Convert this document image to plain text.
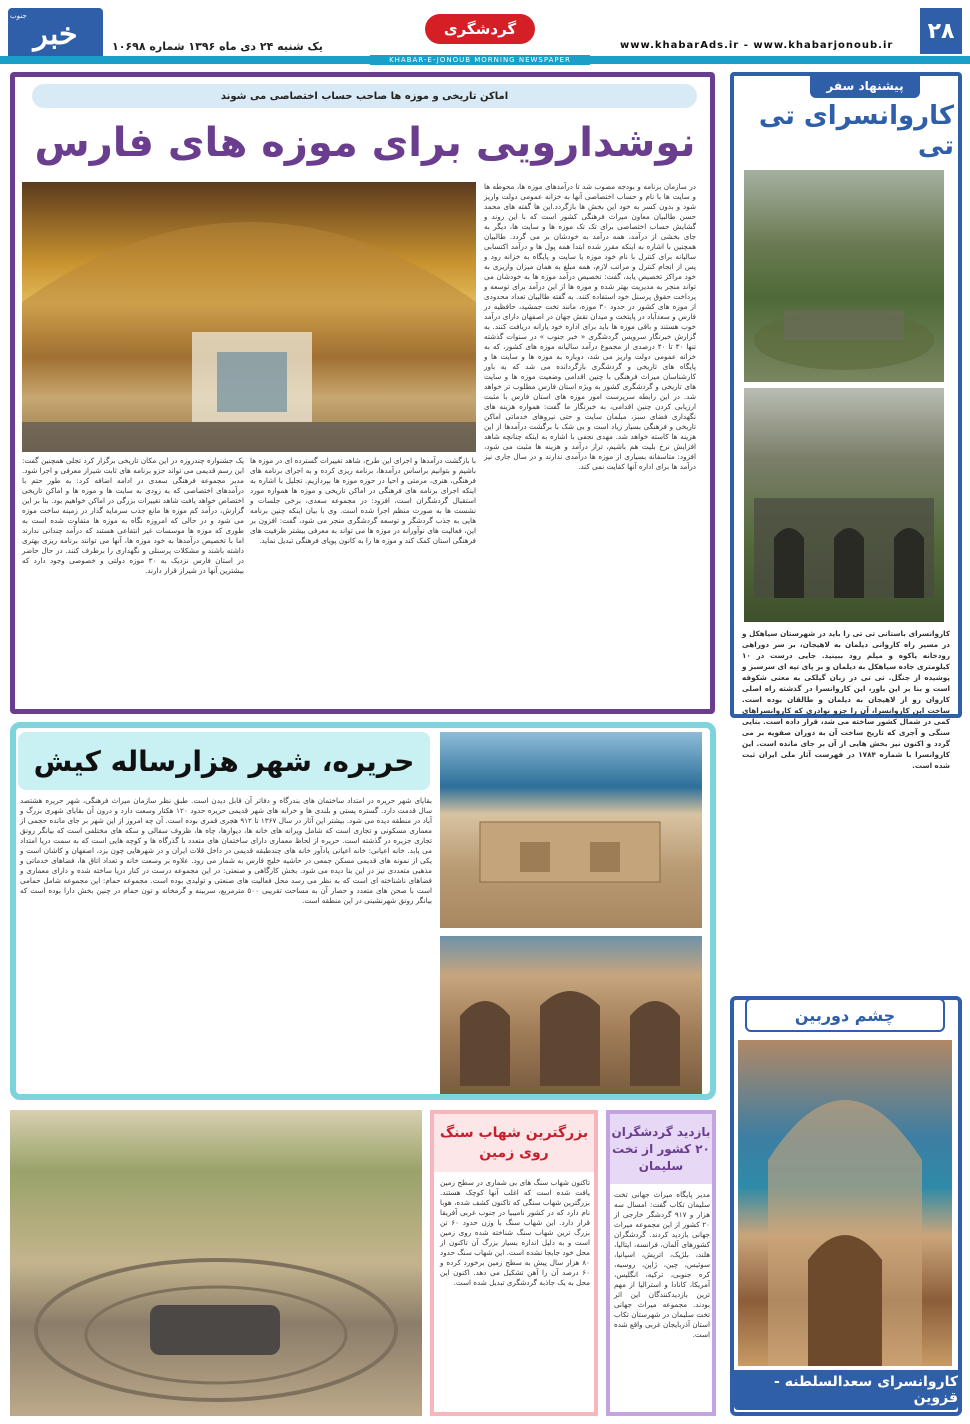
خبر
جنوب
یک شنبه ۲۴ دی ماه ۱۳۹۶ شماره ۱۰۶۹۸
گردشگری
www.khabarAds.ir - www.khabarjonoub.ir
۲۸
KHABAR-E-JONOUB MORNING NEWSPAPER
اماکن تاریخی و موزه ها صاحب حساب اختصاصی می شوند
نوشدارویی برای موزه های فارس
در سازمان برنامه و بودجه مصوب شد تا درآمدهای موزه ها، محوطه ها و سایت ها با نام و حساب اختصاصی آنها به خزانه عمومی دولت واریز شود و بدون کسر به خود این بخش ها بازگردد.این ها گفته های محمد حسن طالبیان معاون میراث فرهنگی کشور است که با این روند و گشایش حساب اختصاصی برای تک تک موزه ها و سایت ها، دیگر به جای بخشی از درآمد، همه درآمد به خودشان بر می گردد. طالبیان همچنین با اشاره به اینکه مقرر شده ابتدا همه پول ها و درآمد اکتسابی سالیانه برای کنترل با نام خود موزه یا سایت و پایگاه به خزانه رود و پس از انجام کنترل و مراتب لازم، همه مبلغ به همان میزان واریزی به خود مراکز تخصیص یابد، گفت: تخصیص درآمد موزه ها به خودشان می تواند منجر به مدیریت بهتر شده و موزه ها از این درآمد برای توسعه و پرداخت حقوق پرسنل خود استفاده کنند. به گفته طالبیان تعداد محدودی از موزه های کشور در حدود ۳۰ موزه، مانند تخت جمشید، حافظیه در فارس و سعدآباد در پایتخت و میدان نقش جهان در اصفهان دارای درآمد خوب هستند و باقی موزه ها باید برای اداره خود یارانه دریافت کنند. به گزارش خبرنگار سرویس گردشگری « خبر جنوب » در سنوات گذشته تنها ۳۰ تا ۴۰ درصدی از مجموع درآمد سالیانه موزه های کشور، که به خزانه عمومی دولت واریز می شد، دوباره به موزه ها و سایت ها و پایگاه های تاریخی و گردشگری بازگردانده می شد که به باور کارشناسان میراث فرهنگی با چنین اقدامی وضعیت موزه ها و سایت های تاریخی و گردشگری کشور به ویژه استان فارس مطلوب تر خواهد شد. در این رابطه سرپرست امور موزه های استان فارس با مثبت ارزیابی کردن چنین اقدامی، به خبرنگار ما گفت: همواره هزینه های نگهداری فضای سبز، مبلمان سایت و حتی نیروهای خدماتی اماکن تاریخی و فرهنگی بسیار زیاد است و بی شک با برگشت درآمدها از این هزینه ها کاسته خواهد شد. مهدی نجفی با اشاره به اینکه چنانچه شاهد افزایش نرخ بلیت هم باشیم، تراز درآمد و هزینه ها مثبت می شود، افزود: متاسفانه بسیاری از موزه ها درآمدی ندارند و در سال جاری نیز درآمد ها برای اداره آنها کفایت نمی کند.
با بازگشت درآمدها و اجرای این طرح، شاهد تغییرات گسترده ای در موزه ها باشیم و بتوانیم براساس درآمدها، برنامه ریزی کرده و به اجرای برنامه های فرهنگی، هنری، مرمتی و احیا در حوزه موزه ها بپردازیم. تجلیل با اشاره به اینکه اجرای برنامه های فرهنگی در اماکن تاریخی و موزه ها همواره مورد استقبال گردشگران است، افزود: در مجموعه سعدی، برخی جلسات و نشست ها به صورت منظم اجرا شده است. وی با بیان اینکه چنین برنامه هایی به جذب گردشگر و توسعه گردشگری منجر می شود، گفت: افزون بر این، فعالیت های نوآورانه در موزه ها می تواند به معرفی بیشتر ظرفیت های فرهنگی استان کمک کند و موزه ها را به کانون پویای فرهنگی تبدیل نماید.
یک جشنواره چندروزه در این مکان تاریخی برگزار کرد تجلی همچنین گفت: این رسم قدیمی می تواند جزو برنامه های ثابت شیراز معرفی و اجرا شود. مدیر مجموعه فرهنگی سعدی در ادامه اضافه کرد: به طور حتم با درآمدهای اختصاصی که به زودی به سایت ها و موزه ها و اماکن تاریخی اختصاص خواهد یافت شاهد تغییرات بزرگی در اماکن خواهیم بود. بنا بر این گزارش، درآمد کم موزه ها مانع جذب سرمایه گذار در زمینه ساخت موزه می شود و در حالی که امروزه نگاه به موزه ها متفاوت شده است به طوری که موزه ها موسسات غیر انتفاعی هستند که درآمد چندانی ندارند اما با تخصیص درآمدها به خود موزه ها، آنها می توانند برنامه ریزی بهتری داشته باشند و مشکلات پرسنلی و نگهداری را برطرف کنند. در حال حاضر در استان فارس نزدیک به ۳۰ موزه دولتی و خصوصی وجود دارد که بیشترین آنها در شیراز قرار دارند.
پیشنهاد سفر
کاروانسرای تی تی
کاروانسرای باستانی تی تی را باید در شهرستان سیاهکل و در مسیر راه کاروانی دیلمان به لاهیجان، بر سر دوراهی رودخانه یاکوه و میلم رود ببینید. جایی درست در ۱۰ کیلومتری جاده سیاهکل به دیلمان و بر پای تپه ای سرسبز و پوشیده از جنگل. تی تی در زبان گیلکی به معنی شکوفه است و بنا بر این باور، این کاروانسرا در گذشته راه اصلی کاروان رو از لاهیجان به دیلمان و طالقان بوده است. ساخت این کاروانسرا، آن را جزو نوادری که کاروانسراهای کمی در شمال کشور ساخته می شد، قرار داده است. بنایی سنگی و آجری که تاریخ ساخت آن به دوران صفویه بر می گردد و اکنون نیز بخش هایی از آن بر جای مانده است. این کاروانسرا با شماره ۱۷۸۴ در فهرست آثار ملی ایران ثبت شده است.
حریره، شهر هزارساله کیش
بقایای شهر حریره در امتداد ساختمان های بندرگاه و دفاتر آن قابل دیدن است. طبق نظر سازمان میراث فرهنگی، شهر حریره هشتصد سال قدمت دارد. گستره پستی و بلندی ها و خرابه های شهر قدیمی حریره حدود ۱۲۰ هکتار وسعت دارد و درون آن بقایای شهری بزرگ و آباد در منطقه دیده می شود. بیشتر این آثار در سال ۱۳۶۷ تا ۹۱۲ هجری قمری بوده است. آن چه امروز از این شهر بر جای مانده حجمی از معماری مسکونی و تجاری است که شامل ویرانه های خانه ها، دیوارها، چاه ها، ظروف سفالی و سکه های مختلفی است که بیانگر رونق تجاری جزیره در گذشته است. حریره از لحاظ معماری دارای ساختمان های متعدد با گذرگاه ها و کوچه هایی است که به سمت دریا امتداد می یابد. خانه اعیانی: خانه اعیانی یادآور خانه های چندطبقه قدیمی در داخل قلات ایران و در شهرهایی چون یزد، اصفهان و کاشان است و یکی از نمونه های قدیمی مسکن جمعی در حاشیه خلیج فارس به شمار می رود. علاوه بر وسعت خانه و تعداد اتاق ها، فضاهای خدماتی و مذهبی متعددی نیز در این بنا دیده می شود. بخش کارگاهی و صنعتی: در این مجموعه درست در کنار دریا ساخته شده و دارای معماری و فضاهای ناشناخته ای است که به نظر می رسد محل فعالیت های صنعتی و تولیدی بوده است. مجموعه حمام: این مجموعه شامل حمامی است با صحن های متعدد و حصار آن به مساحت تقریبی ۵۰۰ مترمربع، سربینه و گرمخانه و تون حمام در چنین بخش دارا بوده است که بیانگر رونق شهرنشینی در این منطقه است.
بزرگترین شهاب سنگ روی زمین
تاکنون شهاب سنگ های بی شماری در سطح زمین یافت شده است که اغلب آنها کوچک هستند. بزرگترین شهاب سنگی که تاکنون کشف شده، هوبا نام دارد که در کشور نامیبیا در جنوب غربی آفریقا قرار دارد. این شهاب سنگ با وزن حدود ۶۰ تن بزرگ ترین شهاب سنگ شناخته شده روی زمین است و به دلیل اندازه بسیار بزرگ آن تاکنون از محل خود جابجا نشده است. این شهاب سنگ حدود ۸۰ هزار سال پیش به سطح زمین برخورد کرده و ۶۰ درصد آن را آهن تشکیل می دهد. اکنون این محل به یک جاذبه گردشگری تبدیل شده است.
بازدید گردشگران ۲۰ کشور از تخت سلیمان
مدیر پایگاه میراث جهانی تخت سلیمان تکاب گفت: امسال سه هزار و ۹۱۷ گردشگر خارجی از ۲۰ کشور از این مجموعه میراث جهانی بازدید کردند. گردشگران کشورهای آلمان، فرانسه، ایتالیا، هلند، بلژیک، اتریش، اسپانیا، سوئیس، چین، ژاپن، روسیه، کره جنوبی، ترکیه، انگلیس، آمریکا، کانادا و استرالیا از مهم ترین بازدیدکنندگان این اثر بودند. مجموعه میراث جهانی تخت سلیمان در شهرستان تکاب استان آذربایجان غربی واقع شده است.
چشم دوربین
کاروانسرای سعدالسلطنه - قزوین
